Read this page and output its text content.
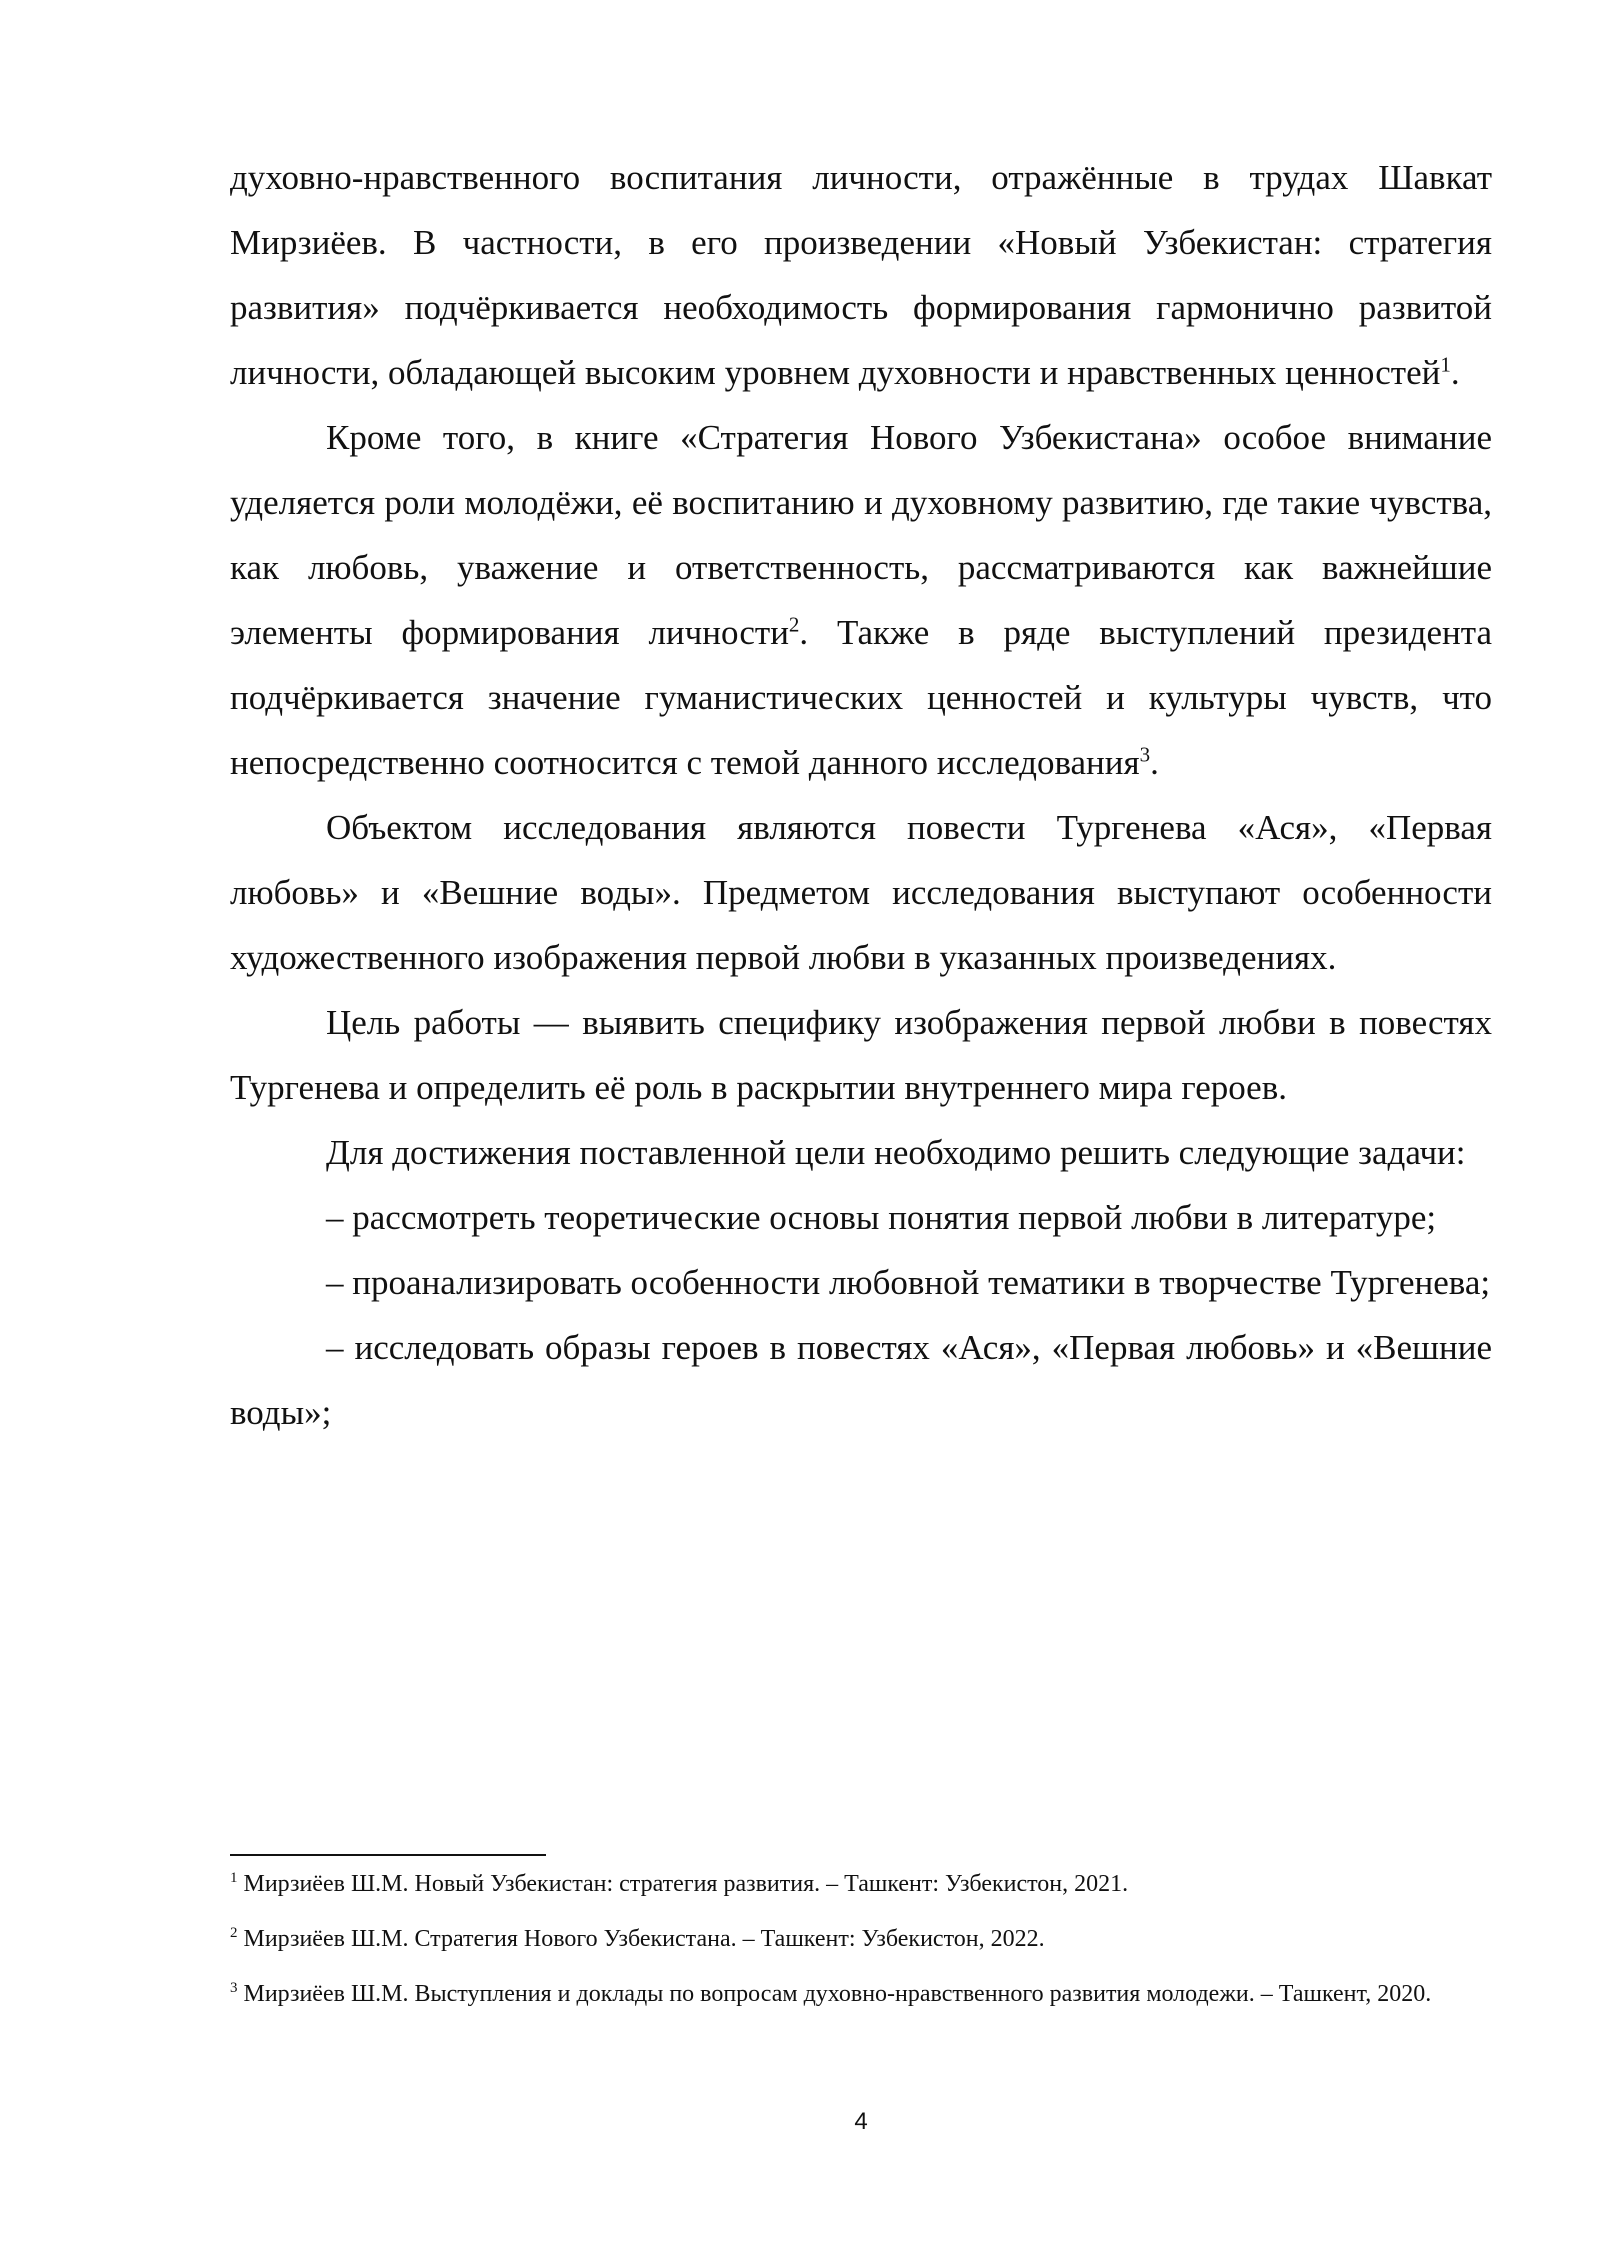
духовно-нравственного воспитания личности, отражённые в трудах Шавкат Мирзиёев. В частности, в его произведении «Новый Узбекистан: стратегия развития» подчёркивается необходимость формирования гармонично развитой личности, обладающей высоким уровнем духовности и нравственных ценностей$^1$.

Кроме того, в книге «Стратегия Нового Узбекистана» особое внимание уделяется роли молодёжи, её воспитанию и духовному развитию, где такие чувства, как любовь, уважение и ответственность, рассматриваются как важнейшие элементы формирования личности$^2$. Также в ряде выступлений президента подчёркивается значение гуманистических ценностей и культуры чувств, что непосредственно соотносится с темой данного исследования$^3$.

Объектом исследования являются повести Тургенева «Ася», «Первая любовь» и «Вешние воды». Предметом исследования выступают особенности художественного изображения первой любви в указанных произведениях.

Цель работы — выявить специфику изображения первой любви в повестях Тургенева и определить её роль в раскрытии внутреннего мира героев.

Для достижения поставленной цели необходимо решить следующие задачи:

– рассмотреть теоретические основы понятия первой любви в литературе;

– проанализировать особенности любовной тематики в творчестве Тургенева;

– исследовать образы героев в повестях «Ася», «Первая любовь» и «Вешние воды»;

$^1$ Мирзиёев Ш.М. Новый Узбекистан: стратегия развития. – Ташкент: Узбекистон, 2021.

$^2$ Мирзиёев Ш.М. Стратегия Нового Узбекистана. – Ташкент: Узбекистон, 2022.

$^3$ Мирзиёев Ш.М. Выступления и доклады по вопросам духовно-нравственного развития молодежи. – Ташкент, 2020.

4
